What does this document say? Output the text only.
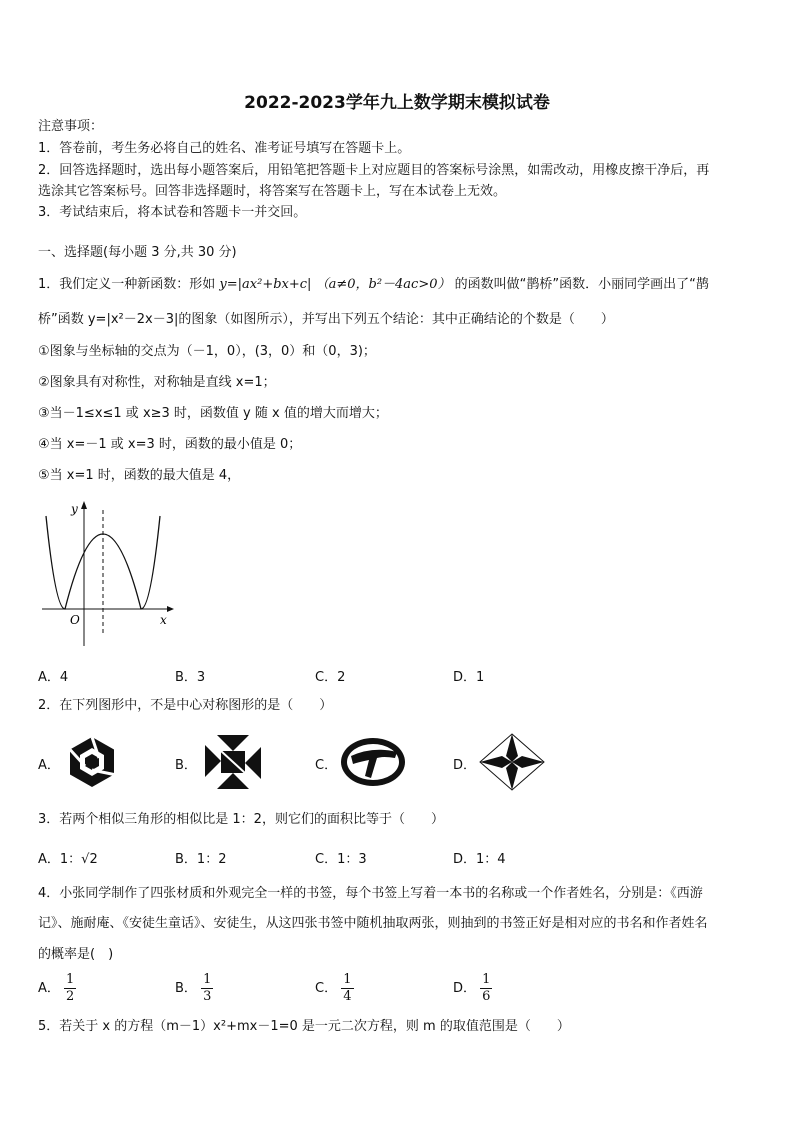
2022-2023学年九上数学期末模拟试卷
注意事项：
1．答卷前，考生务必将自己的姓名、准考证号填写在答题卡上。
2．回答选择题时，选出每小题答案后，用铅笔把答题卡上对应题目的答案标号涂黑，如需改动，用橡皮擦干净后，再
选涂其它答案标号。回答非选择题时，将答案写在答题卡上，写在本试卷上无效。
3．考试结束后，将本试卷和答题卡一并交回。
一、选择题(每小题 3 分,共 30 分)
1．我们定义一种新函数：形如 y=|ax²+bx+c| （a≠0，b²－4ac>0） 的函数叫做“鹊桥”函数．小丽同学画出了“鹊
桥”函数 y=|x²－2x－3|的图象（如图所示），并写出下列五个结论：其中正确结论的个数是（　　）
①图象与坐标轴的交点为（－1，0），(3，0）和（0，3)；
②图象具有对称性，对称轴是直线 x=1；
③当－1≤x≤1 或 x≥3 时，函数值 y 随 x 值的增大而增大；
④当 x=－1 或 x=3 时，函数的最小值是 0；
⑤当 x=1 时，函数的最大值是 4，
y
x
O
A．4	B．3	C．2	D．1
2．在下列图形中，不是中心对称图形的是（　　）
A．	B．	C．	D．
3．若两个相似三角形的相似比是 1：2，则它们的面积比等于（　　）
A．1：√2	B．1：2	C．1：3	D．1：4
4．小张同学制作了四张材质和外观完全一样的书签，每个书签上写着一本书的名称或一个作者姓名，分别是：《西游
记》、施耐庵、《安徒生童话》、安徒生，从这四张书签中随机抽取两张，则抽到的书签正好是相对应的书名和作者姓名
的概率是(　)
A． $\frac{1}{2}$	B． $\frac{1}{3}$	C． $\frac{1}{4}$	D． $\frac{1}{6}$
5．若关于 x 的方程（m－1）x²+mx－1=0 是一元二次方程，则 m 的取值范围是（　　）
